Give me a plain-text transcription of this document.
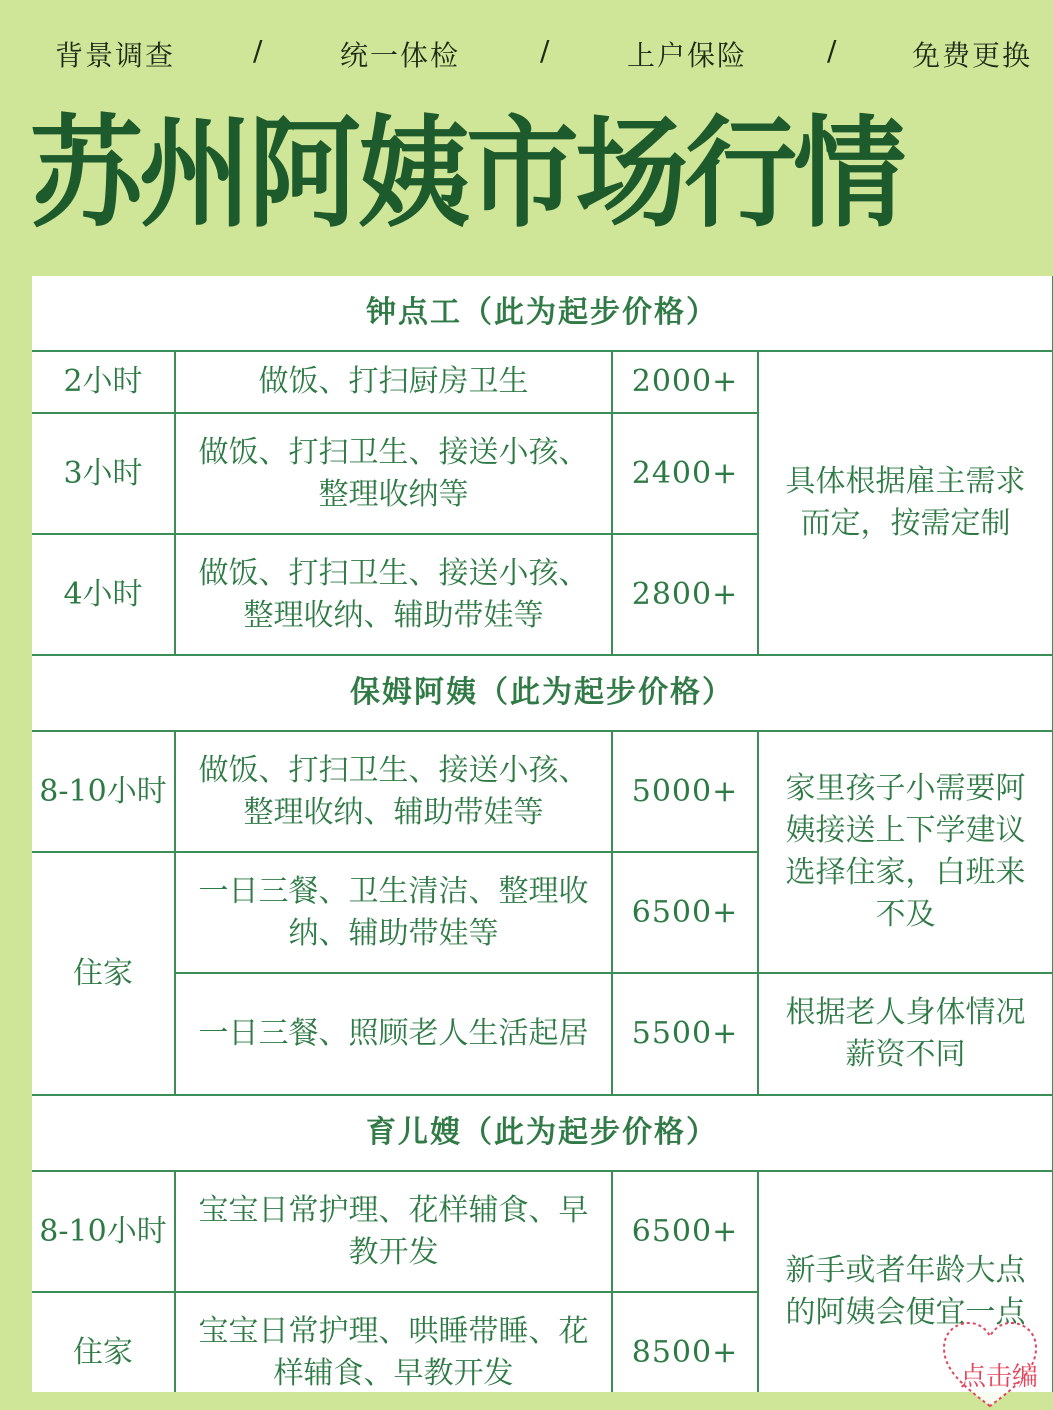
背景调查	/	统一体检	/	上户保险	/	免费更换
苏州阿姨市场行情
钟点工（此为起步价格）			
2小时	做饭、打扫厨房卫生	2000+	具体根据雇主需求而定，按需定制
3小时	做饭、打扫卫生、接送小孩、整理收纳等	2400+	
4小时	做饭、打扫卫生、接送小孩、整理收纳、辅助带娃等	2800+	
保姆阿姨（此为起步价格）			
8-10小时	做饭、打扫卫生、接送小孩、整理收纳、辅助带娃等	5000+	家里孩子小需要阿姨接送上下学建议选择住家，白班来不及
住家	一日三餐、卫生清洁、整理收纳、辅助带娃等	6500+	
	一日三餐、照顾老人生活起居	5500+	根据老人身体情况薪资不同
育儿嫂（此为起步价格）			
8-10小时	宝宝日常护理、花样辅食、早教开发	6500+	新手或者年龄大点的阿姨会便宜一点
住家	宝宝日常护理、哄睡带睡、花样辅食、早教开发	8500+	
点击编
